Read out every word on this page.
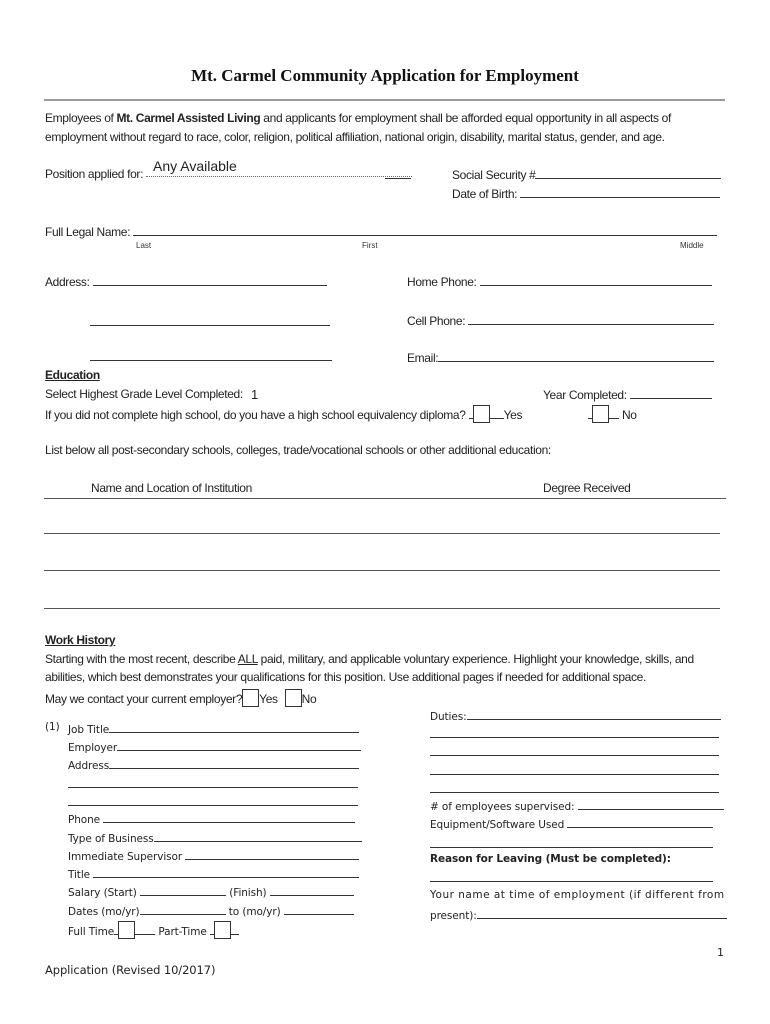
Mt. Carmel Community Application for Employment
Employees of Mt. Carmel Assisted Living and applicants for employment shall be afforded equal opportunity in all aspects of
employment without regard to race, color, religion, political affiliation, national origin, disability, marital status, gender, and age.
Position applied for: Any Available
Social Security #
Date of Birth:
Full Legal Name:
Last	First	Middle
Address:	Home Phone:
Cell Phone:
Email:
Education
Select Highest Grade Level Completed: 1	Year Completed:
If you did not complete high school, do you have a high school equivalency diploma?	Yes	No
List below all post-secondary schools, colleges, trade/vocational schools or other additional education:
Name and Location of Institution	Degree Received
Work History
Starting with the most recent, describe ALL paid, military, and applicable voluntary experience. Highlight your knowledge, skills, and
abilities, which best demonstrates your qualifications for this position. Use additional pages if needed for additional space.
May we contact your current employer? Yes No
(1) Job Title
Employer
Address
Phone
Type of Business
Immediate Supervisor
Title
Salary (Start)	(Finish)
Dates (mo/yr)	to (mo/yr)
Full Time	Part-Time
Duties:
# of employees supervised:
Equipment/Software Used
Reason for Leaving (Must be completed):
Your name at time of employment (if different from
present):
1
Application (Revised 10/2017)
